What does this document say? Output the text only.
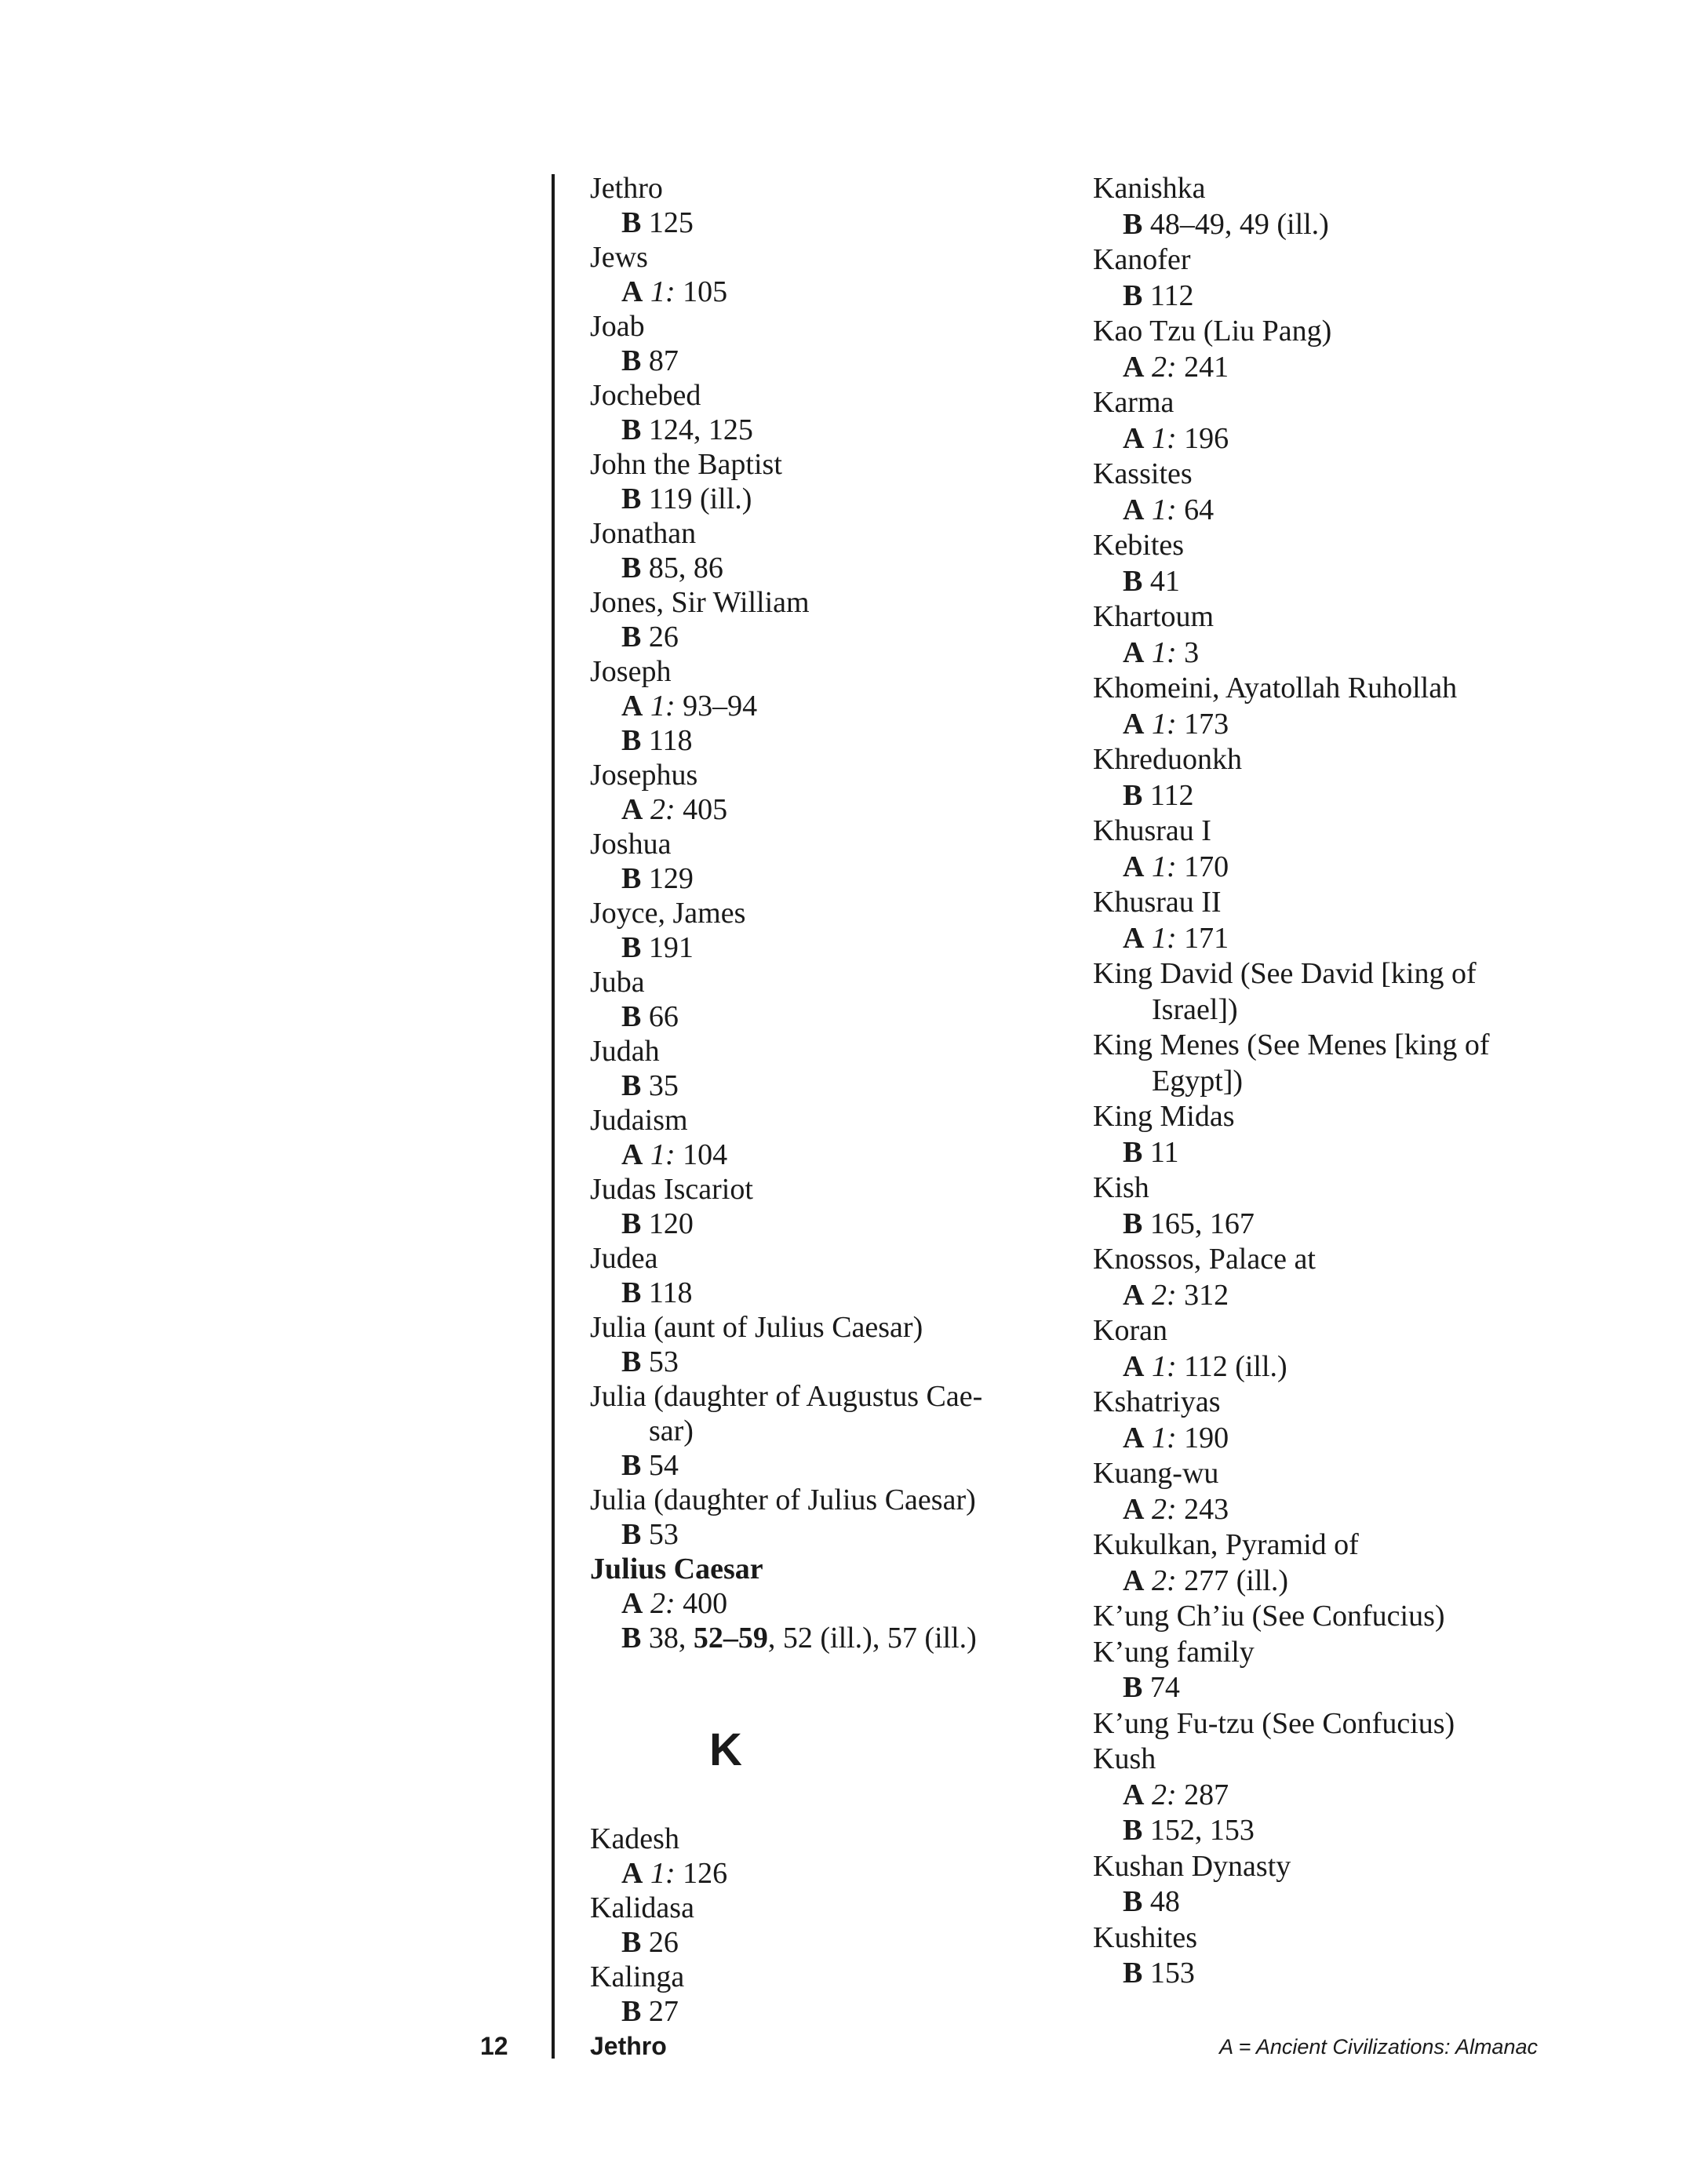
Jethro
B 125
Jews
A 1: 105
Joab
B 87
Jochebed
B 124, 125
John the Baptist
B 119 (ill.)
Jonathan
B 85, 86
Jones, Sir William
B 26
Joseph
A 1: 93–94
B 118
Josephus
A 2: 405
Joshua
B 129
Joyce, James
B 191
Juba
B 66
Judah
B 35
Judaism
A 1: 104
Judas Iscariot
B 120
Judea
B 118
Julia (aunt of Julius Caesar)
B 53
Julia (daughter of Augustus Cae-
sar)
B 54
Julia (daughter of Julius Caesar)
B 53
Julius Caesar
A 2: 400
B 38, 52–59, 52 (ill.), 57 (ill.)
K
Kadesh
A 1: 126
Kalidasa
B 26
Kalinga
B 27
Kanishka
B 48–49, 49 (ill.)
Kanofer
B 112
Kao Tzu (Liu Pang)
A 2: 241
Karma
A 1: 196
Kassites
A 1: 64
Kebites
B 41
Khartoum
A 1: 3
Khomeini, Ayatollah Ruhollah
A 1: 173
Khreduonkh
B 112
Khusrau I
A 1: 170
Khusrau II
A 1: 171
King David (See David [king of
Israel])
King Menes (See Menes [king of
Egypt])
King Midas
B 11
Kish
B 165, 167
Knossos, Palace at
A 2: 312
Koran
A 1: 112 (ill.)
Kshatriyas
A 1: 190
Kuang-wu
A 2: 243
Kukulkan, Pyramid of
A 2: 277 (ill.)
K’ung Ch’iu (See Confucius)
K’ung family
B 74
K’ung Fu-tzu (See Confucius)
Kush
A 2: 287
B 152, 153
Kushan Dynasty
B 48
Kushites
B 153
12	Jethro	A = Ancient Civilizations: Almanac
